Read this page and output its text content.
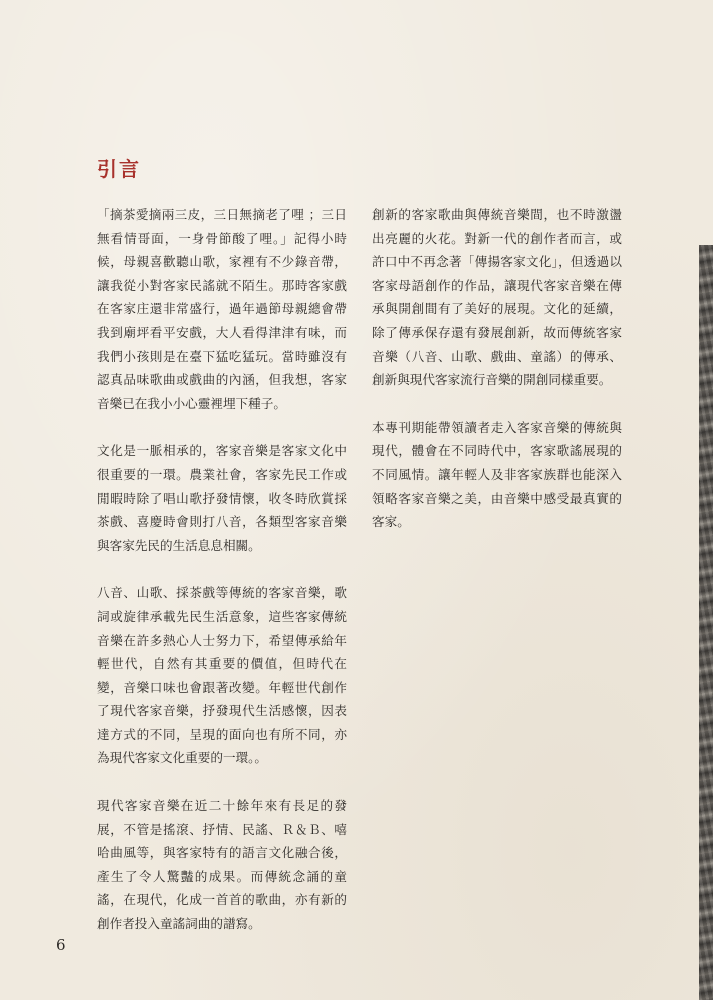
引言

「摘茶愛摘兩三皮，三日無摘老了哩 ；三日無看情哥面，一身骨節酸了哩。」記得小時候，母親喜歡聽山歌，家裡有不少錄音帶，讓我從小對客家民謠就不陌生。那時客家戲在客家庄還非常盛行，過年過節母親總會帶我到廟坪看平安戲，大人看得津津有味，而我們小孩則是在臺下猛吃猛玩。當時雖沒有認真品味歌曲或戲曲的內涵，但我想，客家音樂已在我小小心靈裡埋下種子。

文化是一脈相承的，客家音樂是客家文化中很重要的一環。農業社會，客家先民工作或閒暇時除了唱山歌抒發情懷，收冬時欣賞採茶戲、喜慶時會則打八音，各類型客家音樂與客家先民的生活息息相關。

八音、山歌、採茶戲等傳統的客家音樂，歌詞或旋律承載先民生活意象，這些客家傳統音樂在許多熱心人士努力下，希望傳承給年輕世代，自然有其重要的價值，但時代在變，音樂口味也會跟著改變。年輕世代創作了現代客家音樂，抒發現代生活感懷，因表達方式的不同，呈現的面向也有所不同，亦為現代客家文化重要的一環。。

現代客家音樂在近二十餘年來有長足的發展，不管是搖滾、抒情、民謠、Ｒ＆Ｂ、嘻哈曲風等，與客家特有的語言文化融合後，產生了令人驚豔的成果。而傳統念誦的童謠，在現代，化成一首首的歌曲，亦有新的創作者投入童謠詞曲的譜寫。

創新的客家歌曲與傳統音樂間，也不時激盪出亮麗的火花。對新一代的創作者而言，或許口中不再念著「傳揚客家文化」，但透過以客家母語創作的作品，讓現代客家音樂在傳承與開創間有了美好的展現。文化的延續，除了傳承保存還有發展創新，故而傳統客家音樂（八音、山歌、戲曲、童謠）的傳承、創新與現代客家流行音樂的開創同樣重要。

本專刊期能帶領讀者走入客家音樂的傳統與現代，體會在不同時代中，客家歌謠展現的不同風情。讓年輕人及非客家族群也能深入領略客家音樂之美，由音樂中感受最真實的客家。

6
